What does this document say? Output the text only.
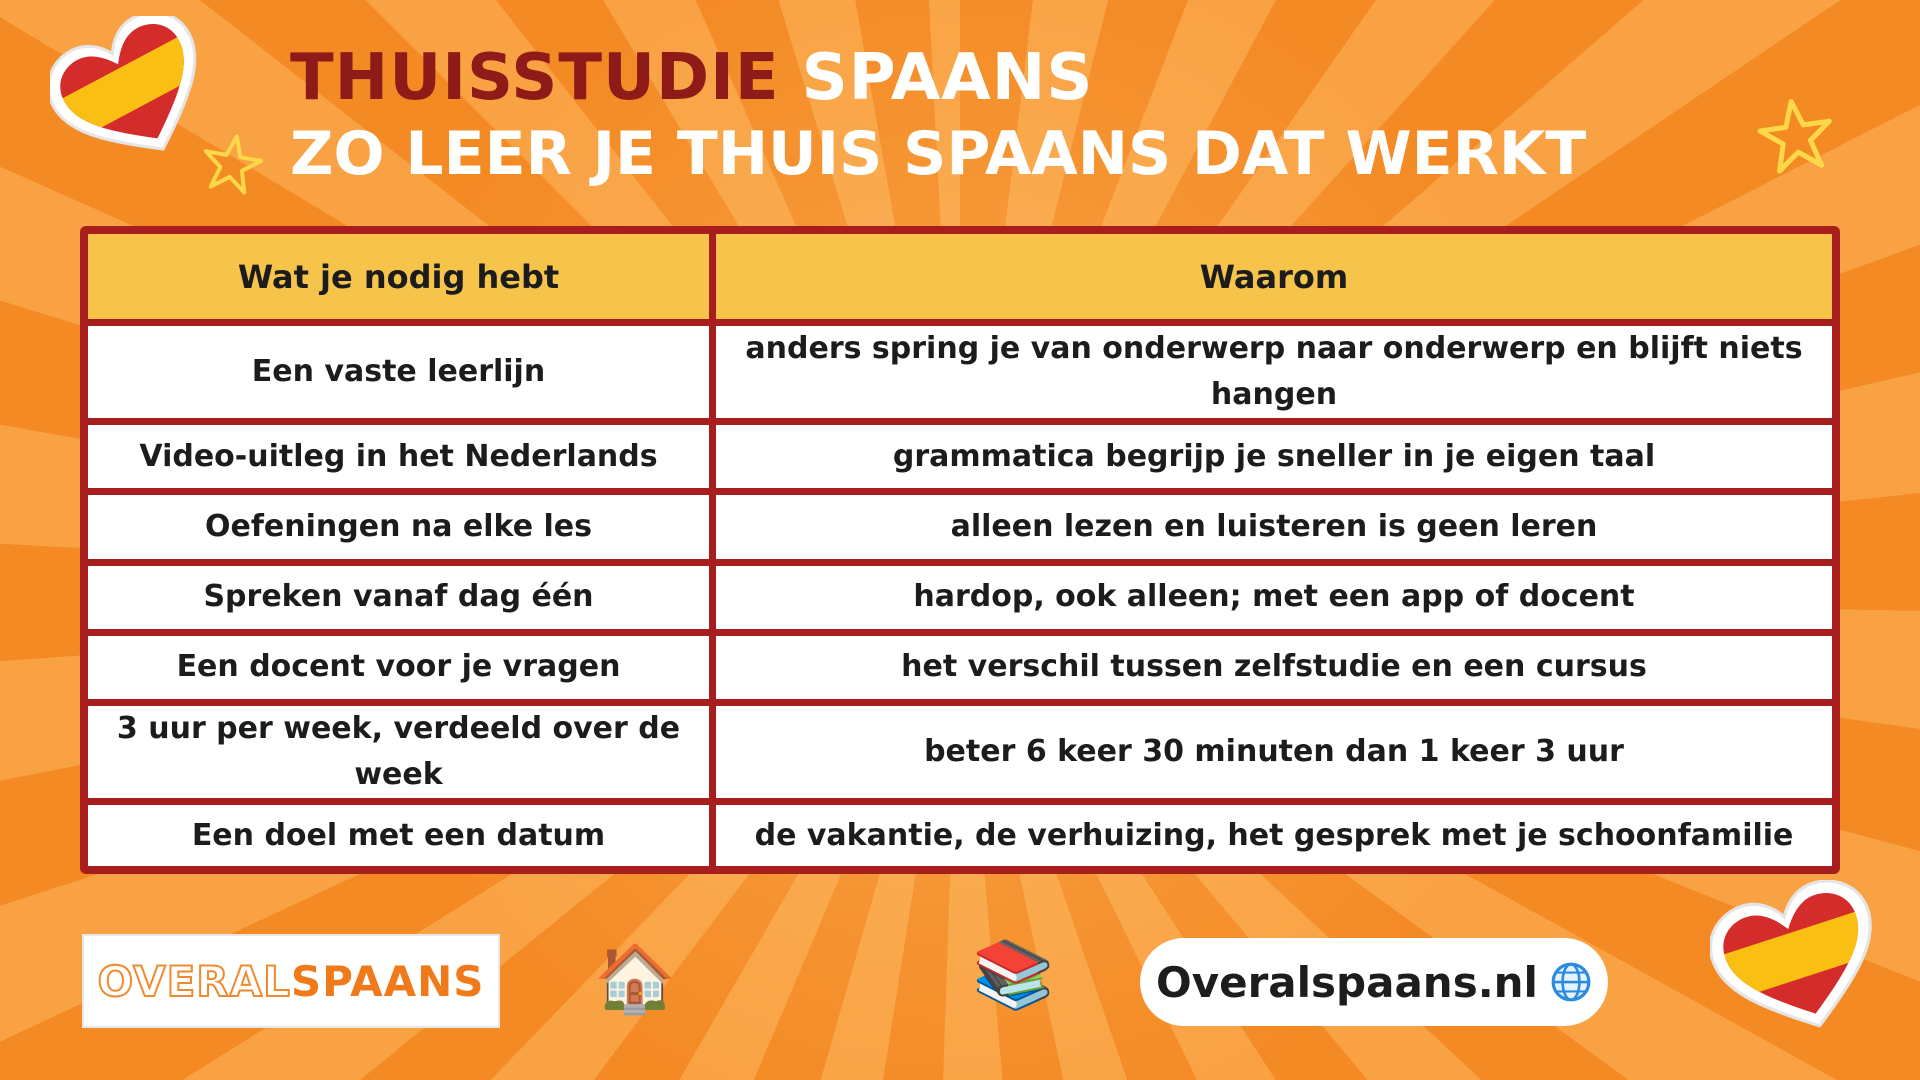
THUISSTUDIE SPAANS
ZO LEER JE THUIS SPAANS DAT WERKT
Wat je nodig hebt	Waarom
Een vaste leerlijn	anders spring je van onderwerp naar onderwerp en blijft niets hangen
Video-uitleg in het Nederlands	grammatica begrijp je sneller in je eigen taal
Oefeningen na elke les	alleen lezen en luisteren is geen leren
Spreken vanaf dag één	hardop, ook alleen; met een app of docent
Een docent voor je vragen	het verschil tussen zelfstudie en een cursus
3 uur per week, verdeeld over de week	beter 6 keer 30 minuten dan 1 keer 3 uur
Een doel met een datum	de vakantie, de verhuizing, het gesprek met je schoonfamilie
OVERAL SPAANS 🏠	📚 Overalspaans.nl
